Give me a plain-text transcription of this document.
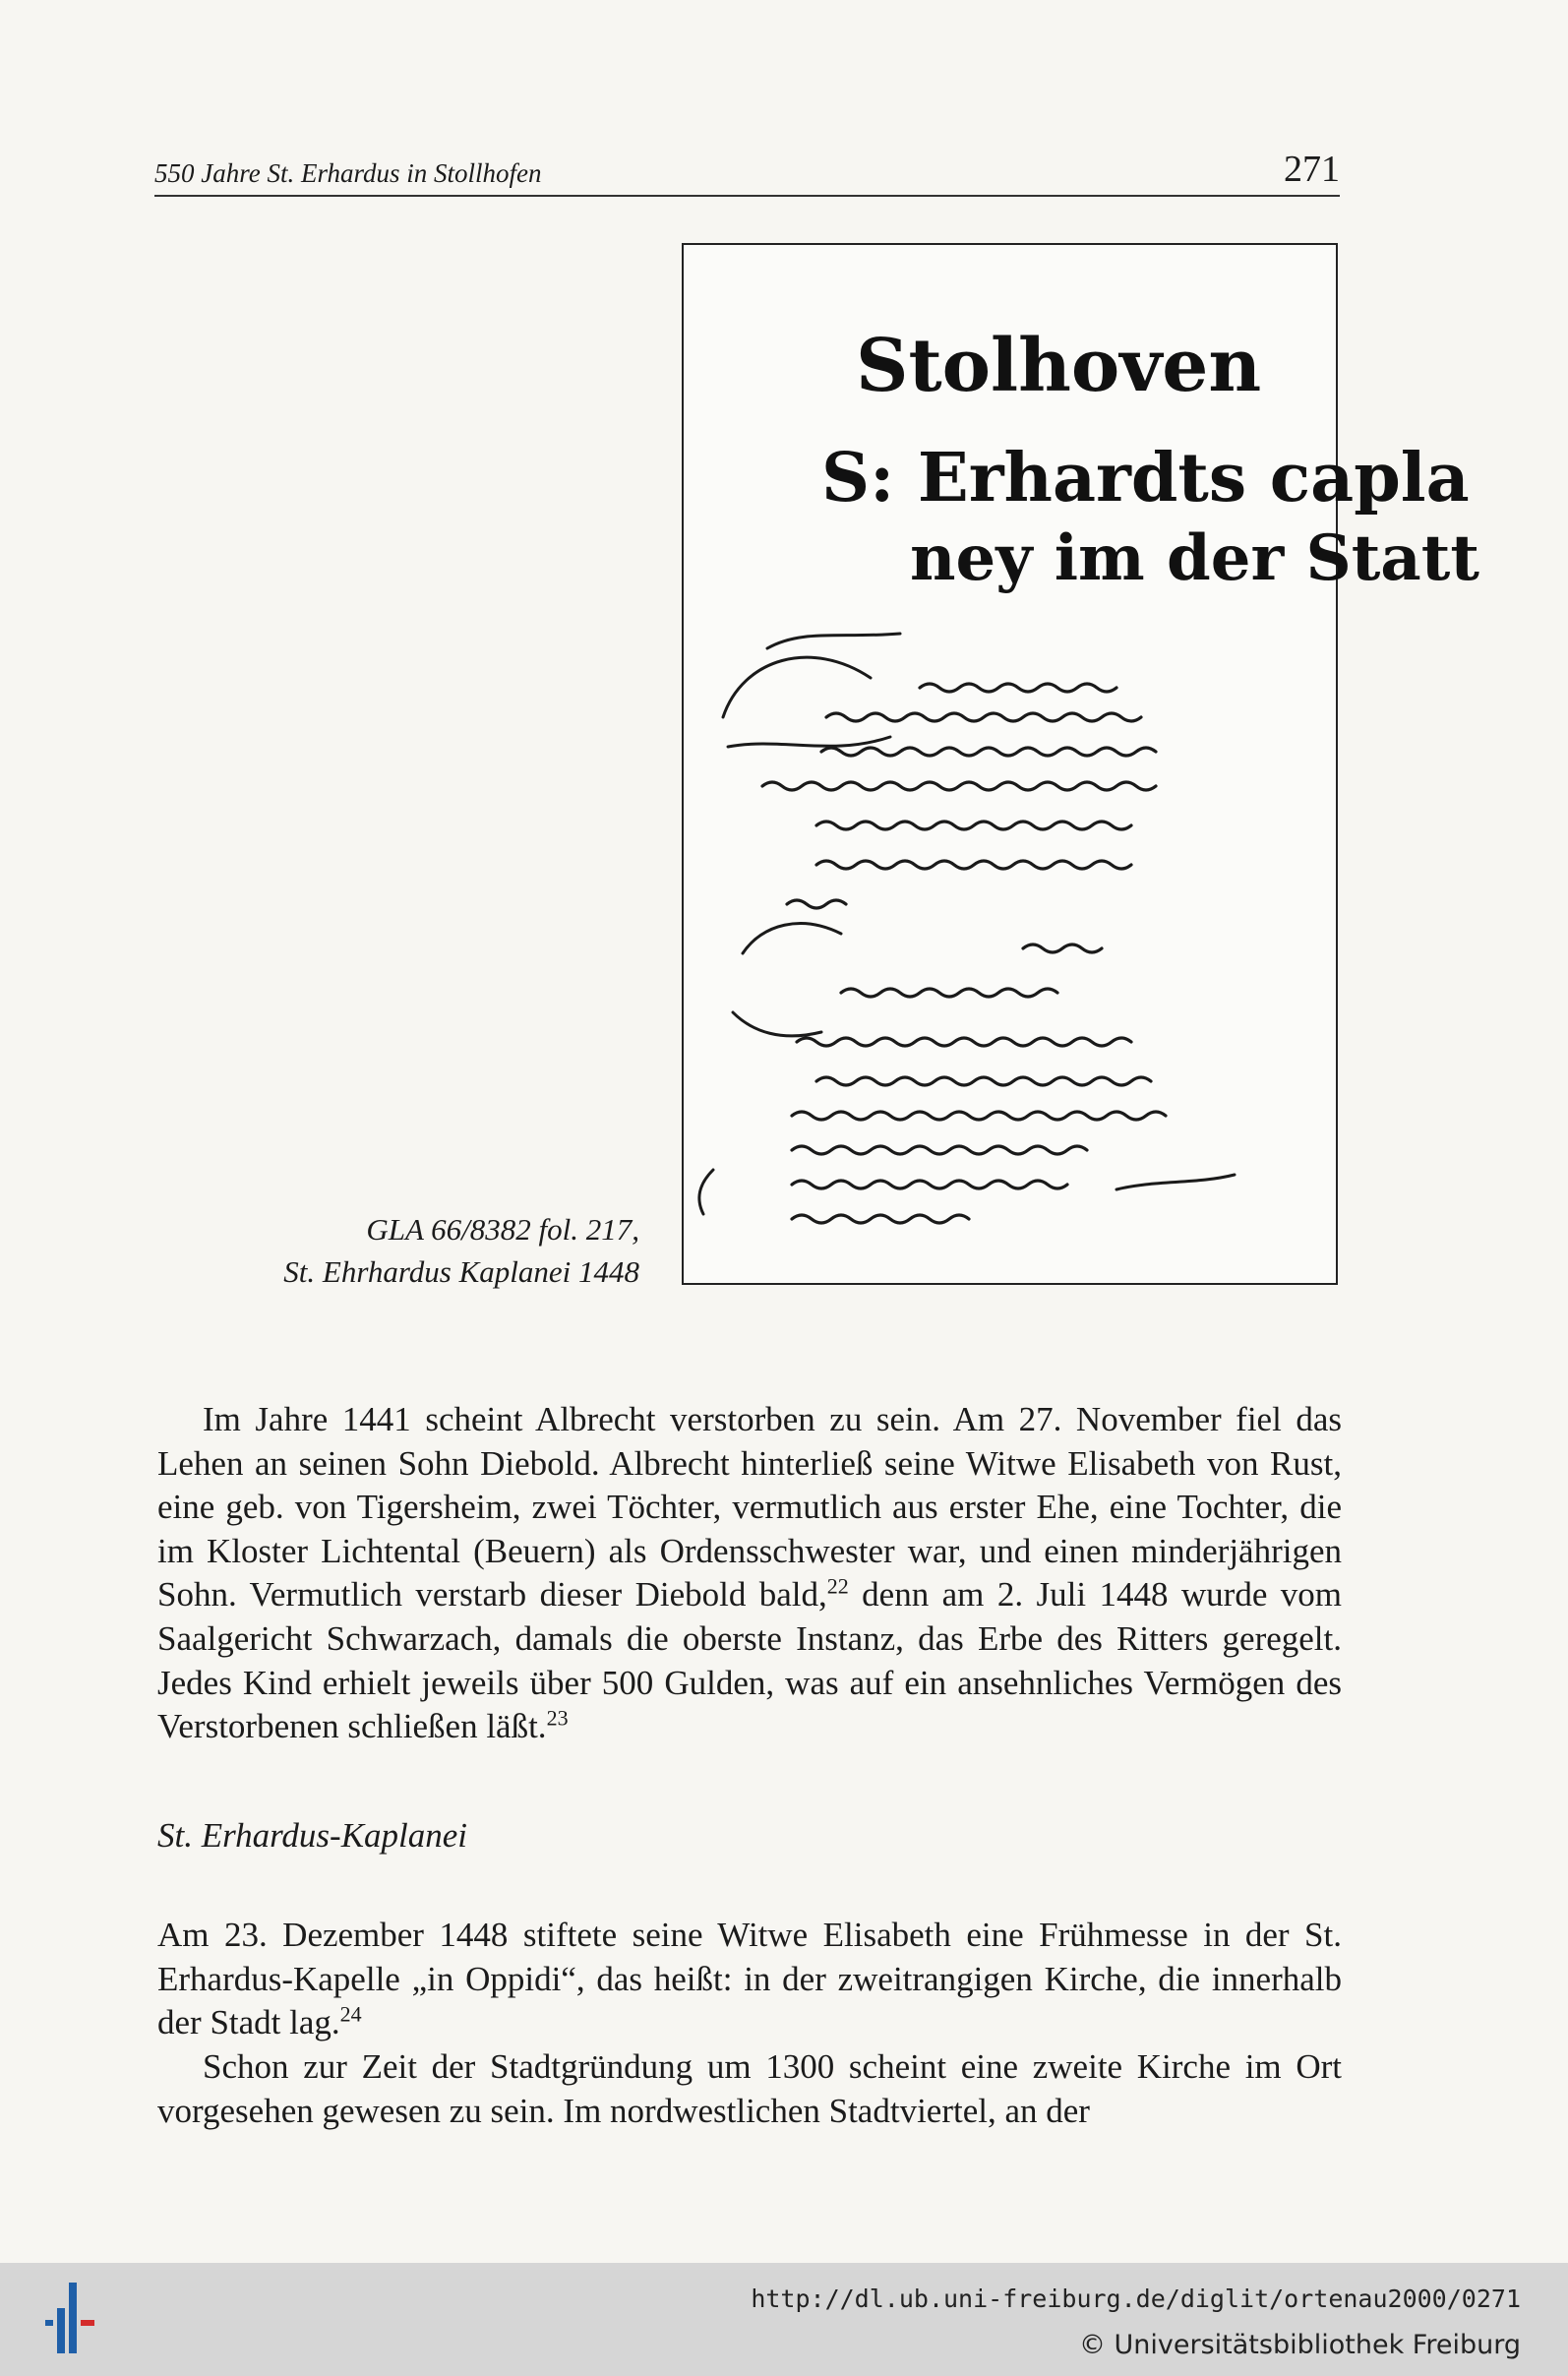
550 Jahre St. Erhardus in Stollhofen	271
Stolhoven
S: Erhardts capla
ney im der Statt
GLA 66/8382 fol. 217,
St. Ehrhardus Kaplanei 1448

Im Jahre 1441 scheint Albrecht verstorben zu sein. Am 27. November fiel das Lehen an seinen Sohn Diebold. Albrecht hinterließ seine Witwe Elisabeth von Rust, eine geb. von Tigersheim, zwei Töchter, vermutlich aus erster Ehe, eine Tochter, die im Kloster Lichtental (Beuern) als Ordensschwester war, und einen minderjährigen Sohn. Vermutlich verstarb dieser Diebold bald,$^{22}$ denn am 2. Juli 1448 wurde vom Saalgericht Schwarzach, damals die oberste Instanz, das Erbe des Ritters geregelt. Jedes Kind erhielt jeweils über 500 Gulden, was auf ein ansehnliches Vermögen des Verstorbenen schließen läßt.$^{23}$

St. Erhardus-Kaplanei

Am 23. Dezember 1448 stiftete seine Witwe Elisabeth eine Frühmesse in der St. Erhardus-Kapelle „in Oppidi“, das heißt: in der zweitrangigen Kirche, die innerhalb der Stadt lag.$^{24}$

Schon zur Zeit der Stadtgründung um 1300 scheint eine zweite Kirche im Ort vorgesehen gewesen zu sein. Im nordwestlichen Stadtviertel, an der

http://dl.ub.uni-freiburg.de/diglit/ortenau2000/0271
© Universitätsbibliothek Freiburg
